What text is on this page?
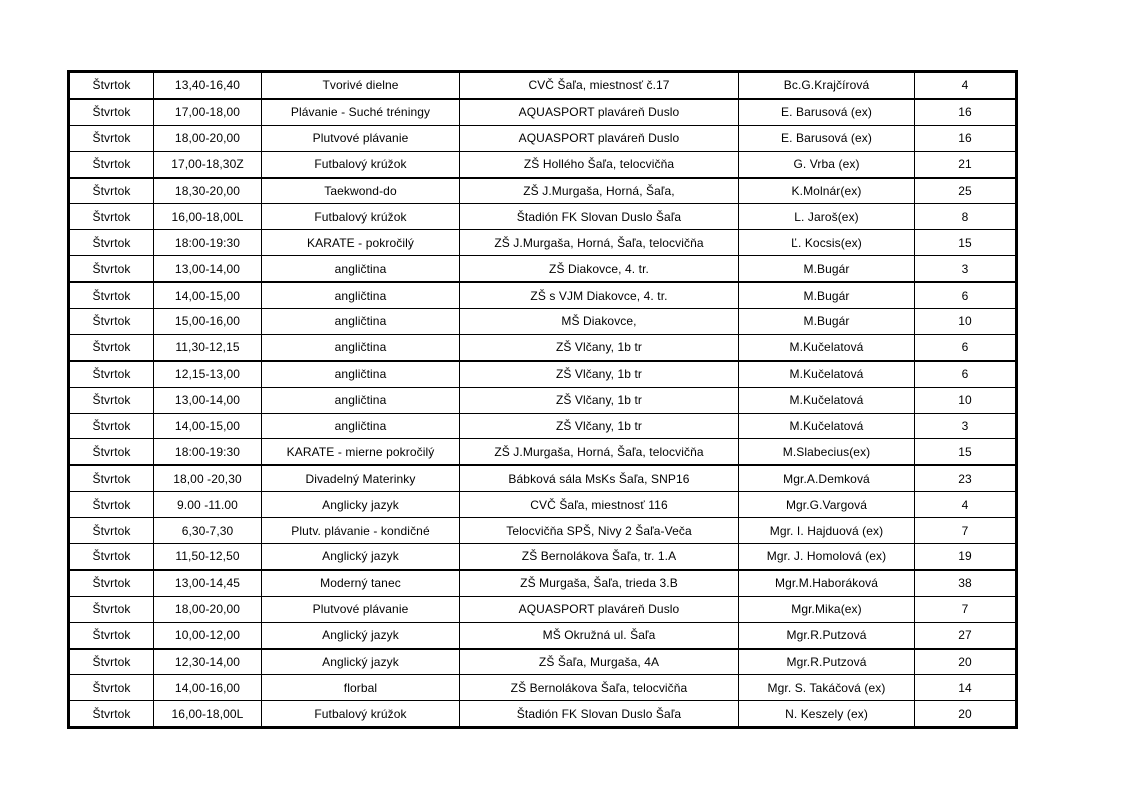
Štvrtok	13,40-16,40	Tvorivé dielne	CVČ Šaľa, miestnosť č.17	Bc.G.Krajčírová	4
Štvrtok	17,00-18,00	Plávanie - Suché tréningy	AQUASPORT plaváreň Duslo	E. Barusová (ex)	16
Štvrtok	18,00-20,00	Plutvové plávanie	AQUASPORT plaváreň Duslo	E. Barusová (ex)	16
Štvrtok	17,00-18,30Z	Futbalový krúžok	ZŠ Hollého Šaľa, telocvičňa	G. Vrba (ex)	21
Štvrtok	18,30-20,00	Taekwond-do	ZŠ J.Murgaša, Horná, Šaľa,	K.Molnár(ex)	25
Štvrtok	16,00-18,00L	Futbalový krúžok	Štadión FK Slovan Duslo Šaľa	L. Jaroš(ex)	8
Štvrtok	18:00-19:30	KARATE - pokročilý	ZŠ J.Murgaša, Horná, Šaľa, telocvičňa	Ľ. Kocsis(ex)	15
Štvrtok	13,00-14,00	angličtina	ZŠ Diakovce, 4. tr.	M.Bugár	3
Štvrtok	14,00-15,00	angličtina	ZŠ s VJM Diakovce, 4. tr.	M.Bugár	6
Štvrtok	15,00-16,00	angličtina	MŠ Diakovce,	M.Bugár	10
Štvrtok	11,30-12,15	angličtina	ZŠ Vlčany, 1b tr	M.Kučelatová	6
Štvrtok	12,15-13,00	angličtina	ZŠ Vlčany, 1b tr	M.Kučelatová	6
Štvrtok	13,00-14,00	angličtina	ZŠ Vlčany, 1b tr	M.Kučelatová	10
Štvrtok	14,00-15,00	angličtina	ZŠ Vlčany, 1b tr	M.Kučelatová	3
Štvrtok	18:00-19:30	KARATE - mierne pokročilý	ZŠ J.Murgaša, Horná, Šaľa, telocvičňa	M.Slabecius(ex)	15
Štvrtok	18,00 -20,30	Divadelný Materinky	Bábková sála MsKs Šaľa, SNP16	Mgr.A.Demková	23
Štvrtok	9.00 -11.00	Anglicky jazyk	CVČ Šaľa, miestnosť 116	Mgr.G.Vargová	4
Štvrtok	6,30-7,30	Plutv. plávanie - kondičné	Telocvičňa SPŠ, Nivy 2 Šaľa-Veča	Mgr. I. Hajduová (ex)	7
Štvrtok	11,50-12,50	Anglický jazyk	ZŠ Bernolákova Šaľa, tr. 1.A	Mgr. J. Homolová (ex)	19
Štvrtok	13,00-14,45	Moderný tanec	ZŠ Murgaša, Šaľa, trieda 3.B	Mgr.M.Haboráková	38
Štvrtok	18,00-20,00	Plutvové plávanie	AQUASPORT plaváreň Duslo	Mgr.Mika(ex)	7
Štvrtok	10,00-12,00	Anglický jazyk	MŠ Okružná ul. Šaľa	Mgr.R.Putzová	27
Štvrtok	12,30-14,00	Anglický jazyk	ZŠ Šaľa, Murgaša, 4A	Mgr.R.Putzová	20
Štvrtok	14,00-16,00	florbal	ZŠ Bernolákova Šaľa, telocvičňa	Mgr. S. Takáčová (ex)	14
Štvrtok	16,00-18,00L	Futbalový krúžok	Štadión FK Slovan Duslo Šaľa	N. Keszely (ex)	20
